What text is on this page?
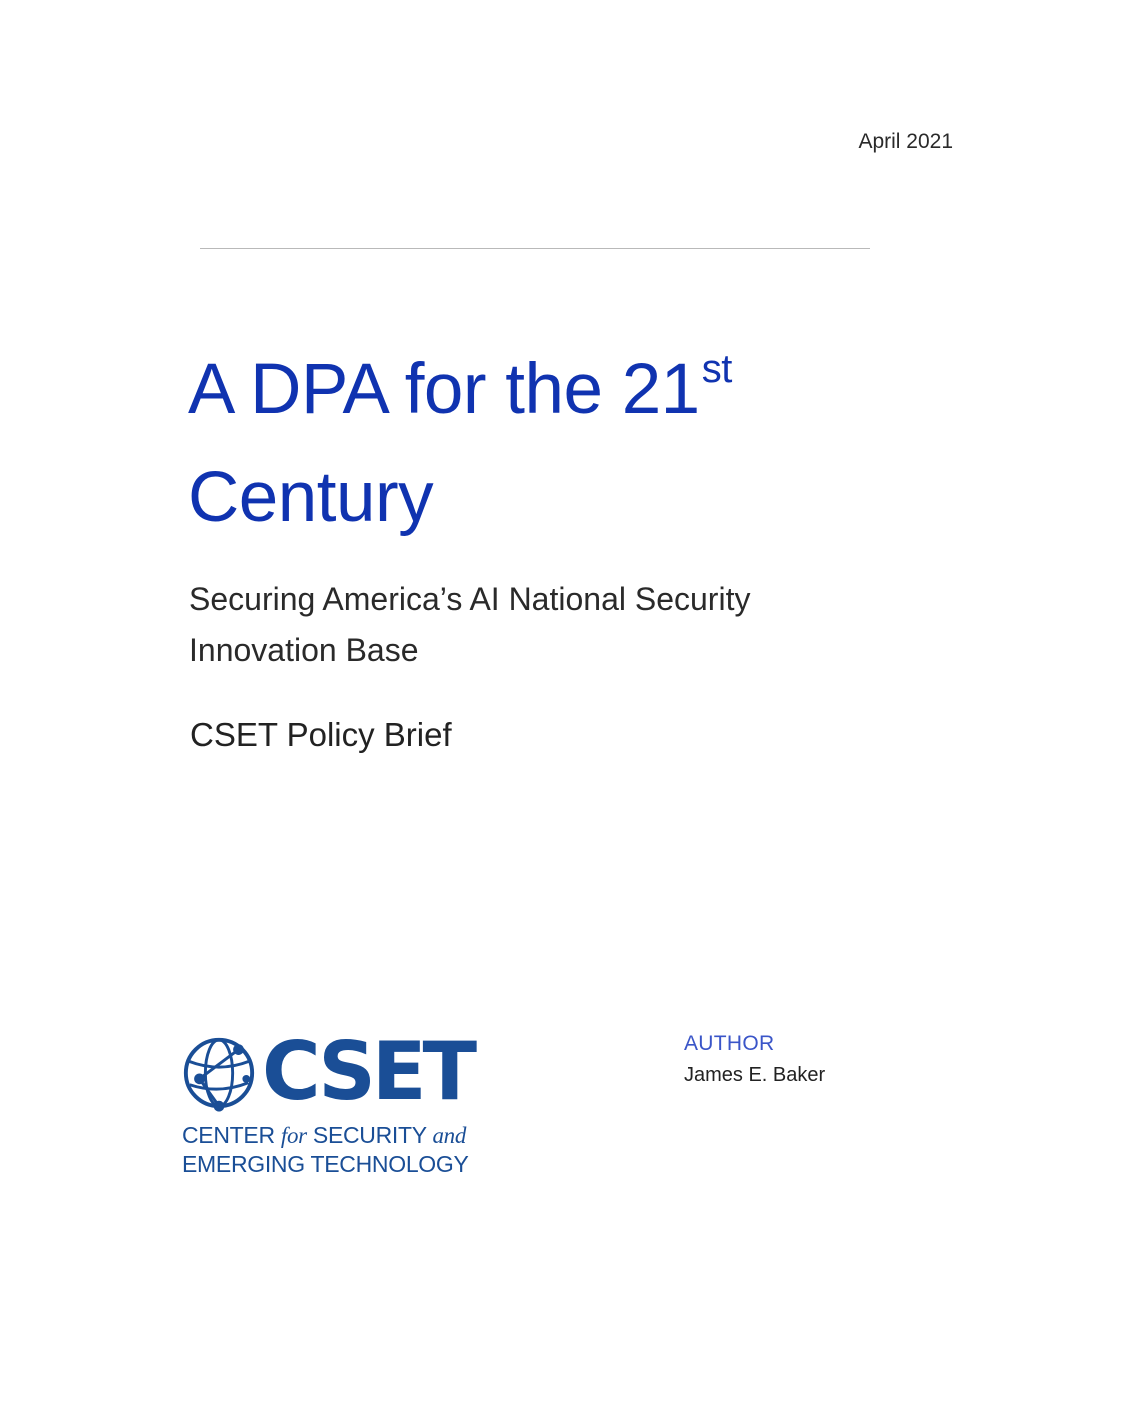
April 2021
A DPA for the 21st
Century

Securing America’s AI National Security
Innovation Base

CSET Policy Brief
CSET
CENTER for SECURITY and
EMERGING TECHNOLOGY
AUTHOR
James E. Baker
